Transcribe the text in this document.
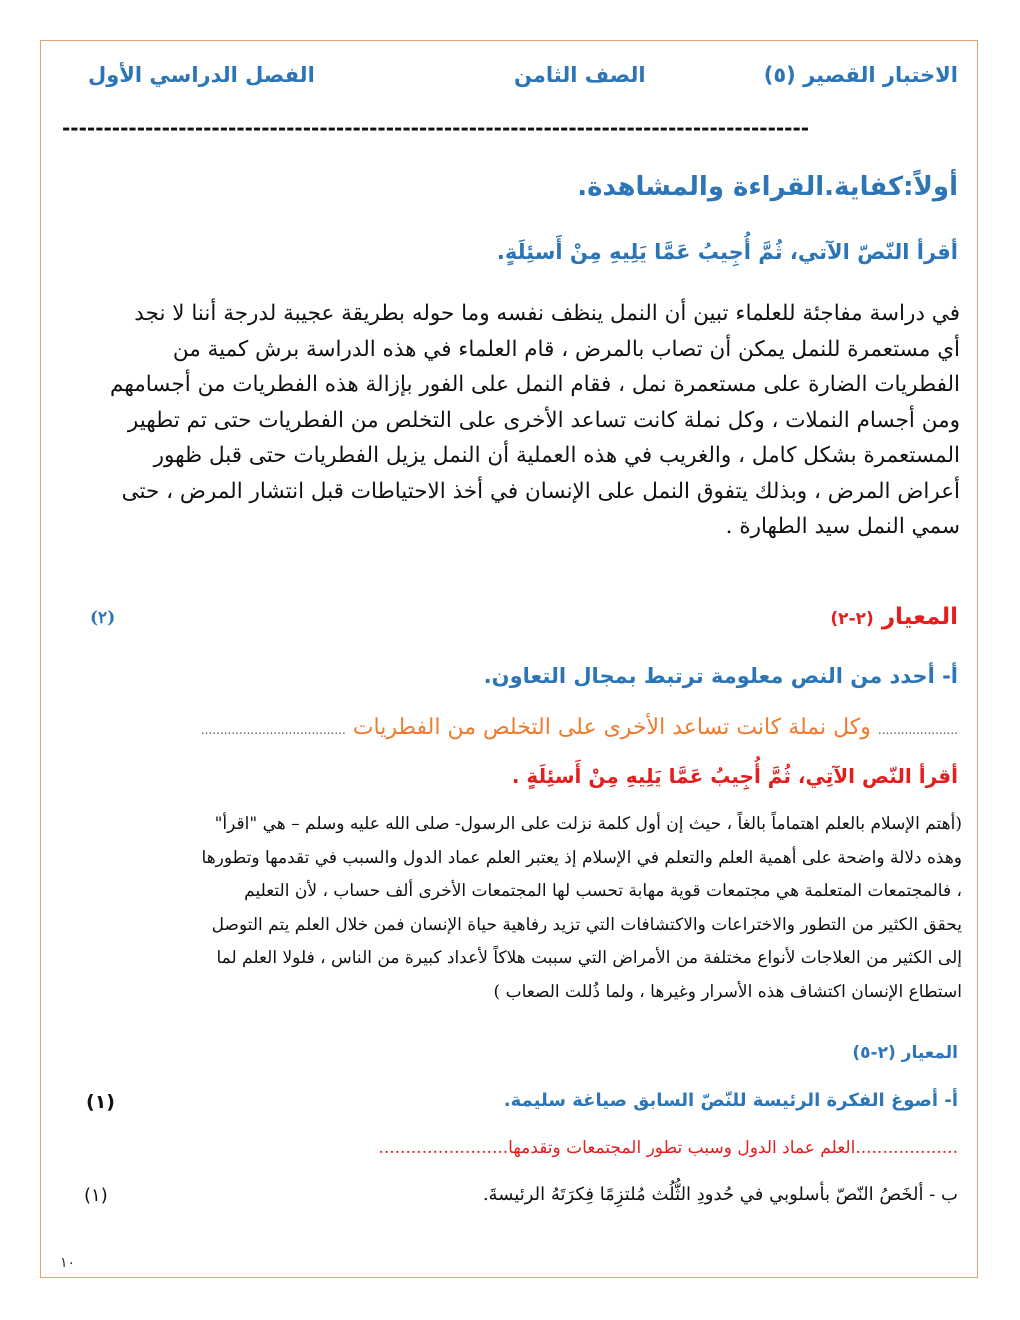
الاختبار القصير (٥)
الصف الثامن
الفصل الدراسي الأول
------------------------------------------------------------------------------------------
أولاً:كفاية.القراءة والمشاهدة.
أقرأ النّصّ الآتي، ثُمَّ أُجِيبُ عَمَّا يَلِيهِ مِنْ أَسئِلَةٍ.
في دراسة مفاجئة للعلماء تبين أن النمل ينظف نفسه وما حوله بطريقة عجيبة لدرجة أننا لا نجد
أي مستعمرة للنمل يمكن أن تصاب بالمرض ، قام العلماء في هذه الدراسة برش كمية من
الفطريات الضارة على مستعمرة نمل ، فقام النمل على الفور بإزالة هذه الفطريات من أجسامهم
ومن أجسام النملات ، وكل نملة كانت تساعد الأخرى على التخلص من الفطريات حتى تم تطهير
المستعمرة بشكل كامل ، والغريب في هذه العملية أن النمل يزيل الفطريات حتى قبل ظهور
أعراض المرض ، وبذلك يتفوق النمل على الإنسان في أخذ الاحتياطات قبل انتشار المرض ، حتى
سمي النمل سيد الطهارة .
المعيار (٢-٢)
(٢)
أ- أحدد من النص معلومة ترتبط بمجال التعاون.
..................... وكل نملة كانت تساعد الأخرى على التخلص من الفطريات ......................................
أقرأ النّص الآتِي، ثُمَّ أُجِيبُ عَمَّا يَلِيهِ مِنْ أَسئِلَةٍ .
(أهتم الإسلام بالعلم اهتماماً بالغاً ، حيث إن أول كلمة نزلت على الرسول- صلى الله عليه وسلم – هي "اقرأ"
وهذه دلالة واضحة على أهمية العلم والتعلم في الإسلام إذ يعتبر العلم عماد الدول والسبب في تقدمها وتطورها
، فالمجتمعات المتعلمة هي مجتمعات قوية مهابة تحسب لها المجتمعات الأخرى ألف حساب ، لأن التعليم
يحقق الكثير من التطور والاختراعات والاكتشافات التي تزيد رفاهية حياة الإنسان فمن خلال العلم يتم التوصل
إلى الكثير من العلاجات لأنواع مختلفة من الأمراض التي سببت هلاكاً لأعداد كبيرة من الناس ، فلولا العلم لما
استطاع الإنسان اكتشاف هذه الأسرار وغيرها ، ولما ذُللت الصعاب )
المعيار (٢-٥)
أ- أصوغ الفكرة الرئيسة للنّصّ السابق صياغة سليمة.
(١)
...................العلم عماد الدول وسبب تطور المجتمعات وتقدمها........................
ب - ألخَصُ النّصّ بأسلوبي في حُدودِ الثُّلُث مُلتزِمًا فِكرَتَهُ الرئيسةَ.
(١)
١٠
